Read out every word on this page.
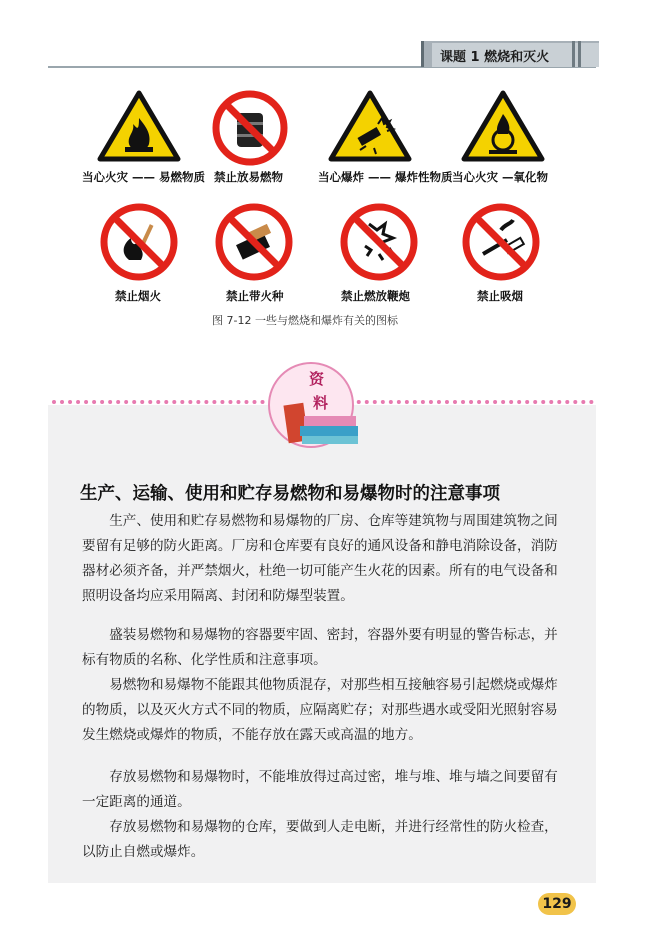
课题 1 燃烧和灭火
当心火灾 —— 易燃物质 禁止放易燃物	当心爆炸 —— 爆炸性物质 当心火灾 —氧化物
禁止烟火	禁止带火种	禁止燃放鞭炮	禁止吸烟
图 7-12 一些与燃烧和爆炸有关的图标
资
料
生产、运输、使用和贮存易燃物和易爆物时的注意事项

生产、使用和贮存易燃物和易爆物的厂房、仓库等建筑物与周围建筑物之间要留有足够的防火距离。厂房和仓库要有良好的通风设备和静电消除设备，消防器材必须齐备，并严禁烟火，杜绝一切可能产生火花的因素。所有的电气设备和照明设备均应采用隔离、封闭和防爆型装置。

盛装易燃物和易爆物的容器要牢固、密封，容器外要有明显的警告标志，并标有物质的名称、化学性质和注意事项。

易燃物和易爆物不能跟其他物质混存，对那些相互接触容易引起燃烧或爆炸的物质，以及灭火方式不同的物质，应隔离贮存；对那些遇水或受阳光照射容易发生燃烧或爆炸的物质，不能存放在露天或高温的地方。

存放易燃物和易爆物时，不能堆放得过高过密，堆与堆、堆与墙之间要留有一定距离的通道。

存放易燃物和易爆物的仓库，要做到人走电断，并进行经常性的防火检查，以防止自燃或爆炸。

129
